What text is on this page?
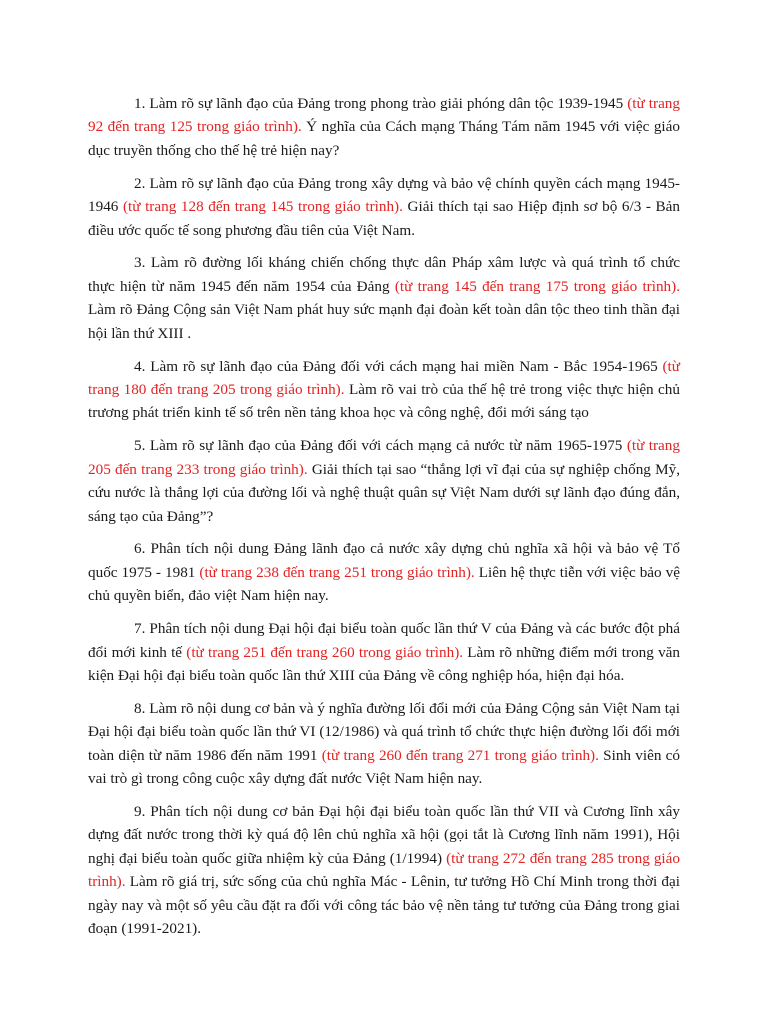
1. Làm rõ sự lãnh đạo của Đảng trong phong trào giải phóng dân tộc 1939-1945 (từ trang 92 đến trang 125 trong giáo trình). Ý nghĩa của Cách mạng Tháng Tám năm 1945 với việc giáo dục truyền thống cho thế hệ trẻ hiện nay?

2. Làm rõ sự lãnh đạo của Đảng trong xây dựng và bảo vệ chính quyền cách mạng 1945-1946 (từ trang 128 đến trang 145 trong giáo trình). Giải thích tại sao Hiệp định sơ bộ 6/3 - Bản điều ước quốc tế song phương đầu tiên của Việt Nam.

3. Làm rõ đường lối kháng chiến chống thực dân Pháp xâm lược và quá trình tổ chức thực hiện từ năm 1945 đến năm 1954 của Đảng (từ trang 145 đến trang 175 trong giáo trình). Làm rõ Đảng Cộng sản Việt Nam phát huy sức mạnh đại đoàn kết toàn dân tộc theo tinh thần đại hội lần thứ XIII .

4. Làm rõ sự lãnh đạo của Đảng đối với cách mạng hai miền Nam - Bắc 1954-1965 (từ trang 180 đến trang 205 trong giáo trình). Làm rõ vai trò của thế hệ trẻ trong việc thực hiện chủ trương phát triển kinh tế số trên nền tảng khoa học và công nghệ, đổi mới sáng tạo

5. Làm rõ sự lãnh đạo của Đảng đối với cách mạng cả nước từ năm 1965-1975 (từ trang 205 đến trang 233 trong giáo trình). Giải thích tại sao “thắng lợi vĩ đại của sự nghiệp chống Mỹ, cứu nước là thắng lợi của đường lối và nghệ thuật quân sự Việt Nam dưới sự lãnh đạo đúng đắn, sáng tạo của Đảng”?

6. Phân tích nội dung Đảng lãnh đạo cả nước xây dựng chủ nghĩa xã hội và bảo vệ Tổ quốc 1975 - 1981 (từ trang 238 đến trang 251 trong giáo trình). Liên hệ thực tiễn với việc bảo vệ chủ quyền biển, đảo việt Nam hiện nay.

7. Phân tích nội dung Đại hội đại biểu toàn quốc lần thứ V của Đảng và các bước đột phá đổi mới kinh tế (từ trang 251 đến trang 260 trong giáo trình). Làm rõ những điểm mới trong văn kiện Đại hội đại biểu toàn quốc lần thứ XIII của Đảng về công nghiệp hóa, hiện đại hóa.

8. Làm rõ nội dung cơ bản và ý nghĩa đường lối đổi mới của Đảng Cộng sản Việt Nam tại Đại hội đại biểu toàn quốc lần thứ VI (12/1986) và quá trình tổ chức thực hiện đường lối đổi mới toàn diện từ năm 1986 đến năm 1991 (từ trang 260 đến trang 271 trong giáo trình). Sinh viên có vai trò gì trong công cuộc xây dựng đất nước Việt Nam hiện nay.

9. Phân tích nội dung cơ bản Đại hội đại biểu toàn quốc lần thứ VII và Cương lĩnh xây dựng đất nước trong thời kỳ quá độ lên chủ nghĩa xã hội (gọi tắt là Cương lĩnh năm 1991), Hội nghị đại biểu toàn quốc giữa nhiệm kỳ của Đảng (1/1994) (từ trang 272 đến trang 285 trong giáo trình). Làm rõ giá trị, sức sống của chủ nghĩa Mác - Lênin, tư tưởng Hồ Chí Minh trong thời đại ngày nay và một số yêu cầu đặt ra đối với công tác bảo vệ nền tảng tư tưởng của Đảng trong giai đoạn (1991-2021).
